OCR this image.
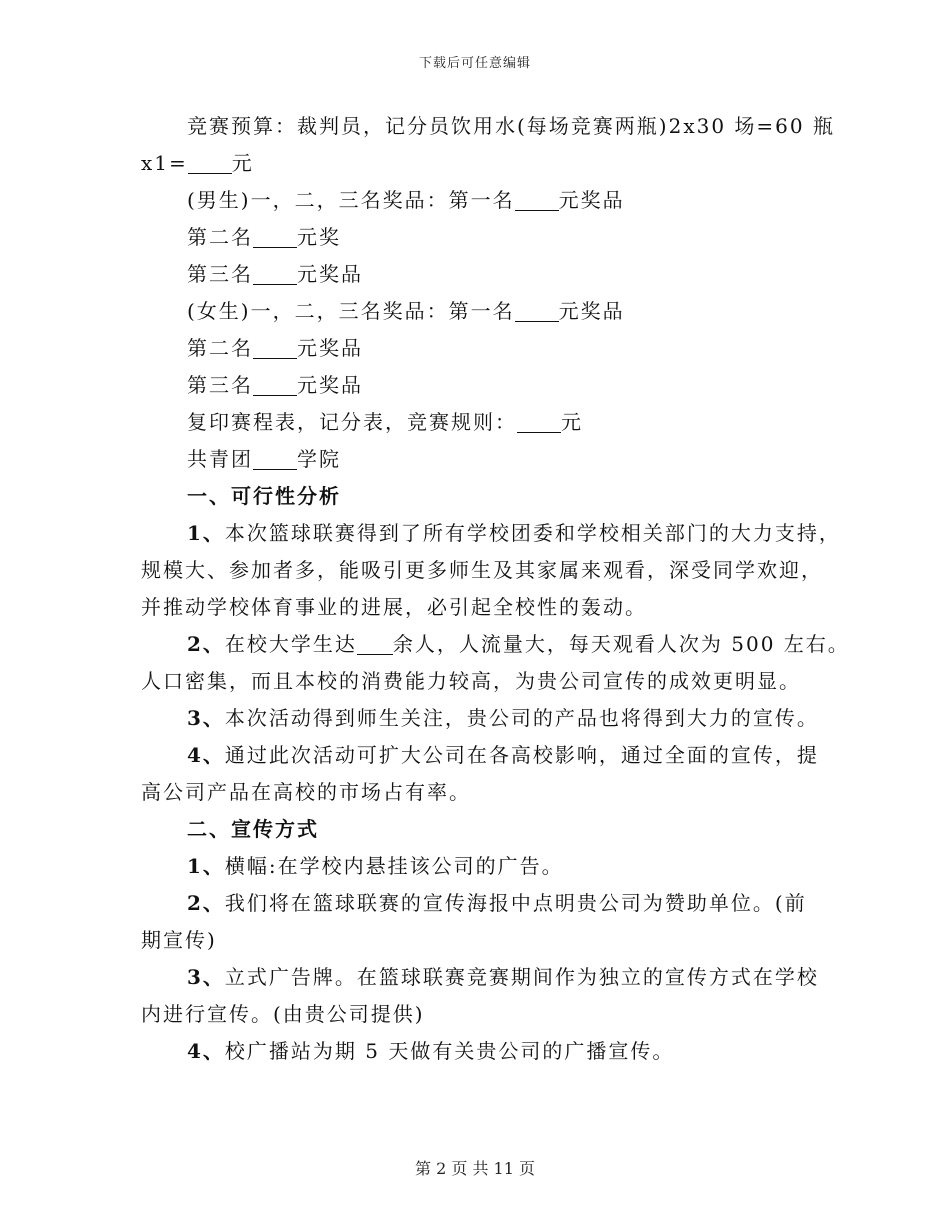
下载后可任意编辑
竞赛预算：裁判员，记分员饮用水(每场竞赛两瓶)2x30 场=60 瓶
x1= 元
(男生)一，二，三名奖品：第一名 元奖品
第二名 元奖
第三名 元奖品
(女生)一，二，三名奖品：第一名 元奖品
第二名 元奖品
第三名 元奖品
复印赛程表，记分表，竞赛规则： 元
共青团 学院
一、可行性分析
1、本次篮球联赛得到了所有学校团委和学校相关部门的大力支持，
规模大、参加者多，能吸引更多师生及其家属来观看，深受同学欢迎，
并推动学校体育事业的进展，必引起全校性的轰动。
2、在校大学生达 余人，人流量大，每天观看人次为 500 左右。
人口密集，而且本校的消费能力较高，为贵公司宣传的成效更明显。
3、本次活动得到师生关注，贵公司的产品也将得到大力的宣传。
4、通过此次活动可扩大公司在各高校影响，通过全面的宣传，提
高公司产品在高校的市场占有率。
二、宣传方式
1、横幅:在学校内悬挂该公司的广告。
2、我们将在篮球联赛的宣传海报中点明贵公司为赞助单位。(前
期宣传)
3、立式广告牌。在篮球联赛竞赛期间作为独立的宣传方式在学校
内进行宣传。(由贵公司提供)
4、校广播站为期 5 天做有关贵公司的广播宣传。
第 2 页 共 11 页
